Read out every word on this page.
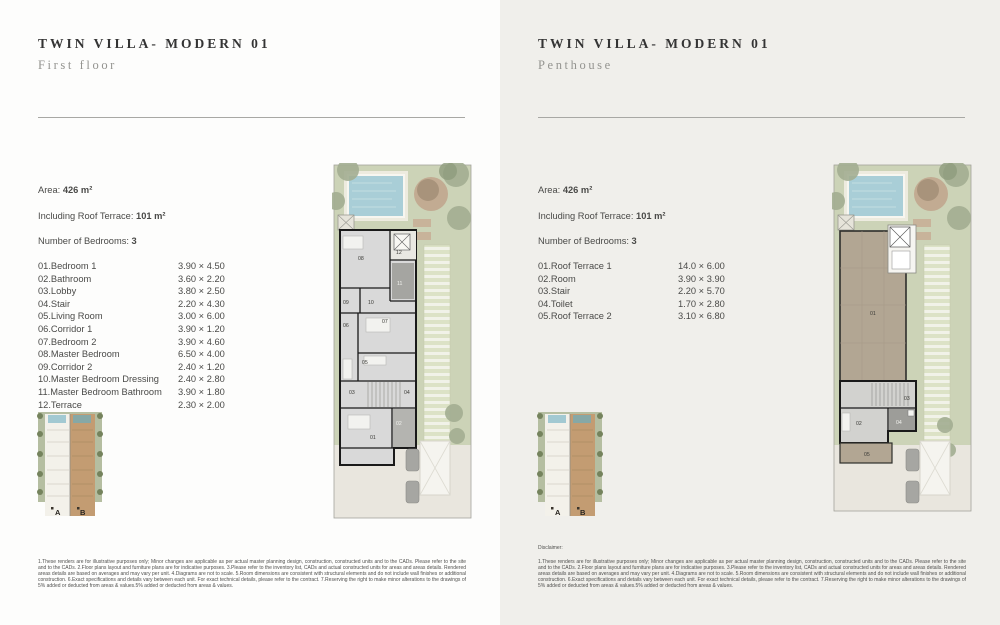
TWIN VILLA- MODERN 01
First floor
Area: 426 m²
Including Roof Terrace: 101 m²
Number of Bedrooms: 3
01.Bedroom 1	3.90 × 4.50
02.Bathroom	3.60 × 2.20
03.Lobby	3.80 × 2.50
04.Stair	2.20 × 4.30
05.Living Room	3.00 × 6.00
06.Corridor 1	3.90 × 1.20
07.Bedroom 2	3.90 × 4.60
08.Master Bedroom	6.50 × 4.00
09.Corridor 2	2.40 × 1.20
10.Master Bedroom Dressing	2.40 × 2.80
11.Master Bedroom Bathroom	3.90 × 1.80
12.Terrace	2.30 × 2.00
08
12
11
09	10
07
06
05
03	04
02
01
A	B
1.These renders are for illustrative purposes only; Minor changes are applicable as per actual master planning design, construction, constructed units and to the CADs. Please refer to the site and to the CADs. 2.Floor plans layout and furniture plans are for indicative purposes. 3.Please refer to the inventory list, CADs and actual constructed units for areas and areas details. Rendered areas details are based on averages and may vary per unit. 4.Diagrams are not to scale. 5.Room dimensions are consistent with structural elements and do not include wall finishes or additional construction. 6.Exact specifications and details vary between each unit. For exact technical details, please refer to the contract. 7.Reserving the right to make minor alterations to the drawings of 5% added or deducted from areas & values.5% added or deducted from areas & values.
TWIN VILLA- MODERN 01
Penthouse
Area: 426 m²
Including Roof Terrace: 101 m²
Number of Bedrooms: 3
01.Roof Terrace 1	14.0 × 6.00
02.Room	3.90 × 3.90
03.Stair	2.20 × 5.70
04.Toilet	1.70 × 2.80
05.Roof Terrace 2	3.10 × 6.80	01
03
02	04
05
A	B
Disclaimer:
1.These renders are for illustrative purposes only; Minor changes are applicable as per actual master planning design, construction, constructed units and to the CADs. Please refer to the site and to the CADs. 2.Floor plans layout and furniture plans are for indicative purposes. 3.Please refer to the inventory list, CADs and actual constructed units for areas and areas details. Rendered areas details are based on averages and may vary per unit. 4.Diagrams are not to scale. 5.Room dimensions are consistent with structural elements and do not include wall finishes or additional construction. 6.Exact specifications and details vary between each unit. For exact technical details, please refer to the contract. 7.Reserving the right to make minor alterations to the drawings of 5% added or deducted from areas & values.5% added or deducted from areas & values.
